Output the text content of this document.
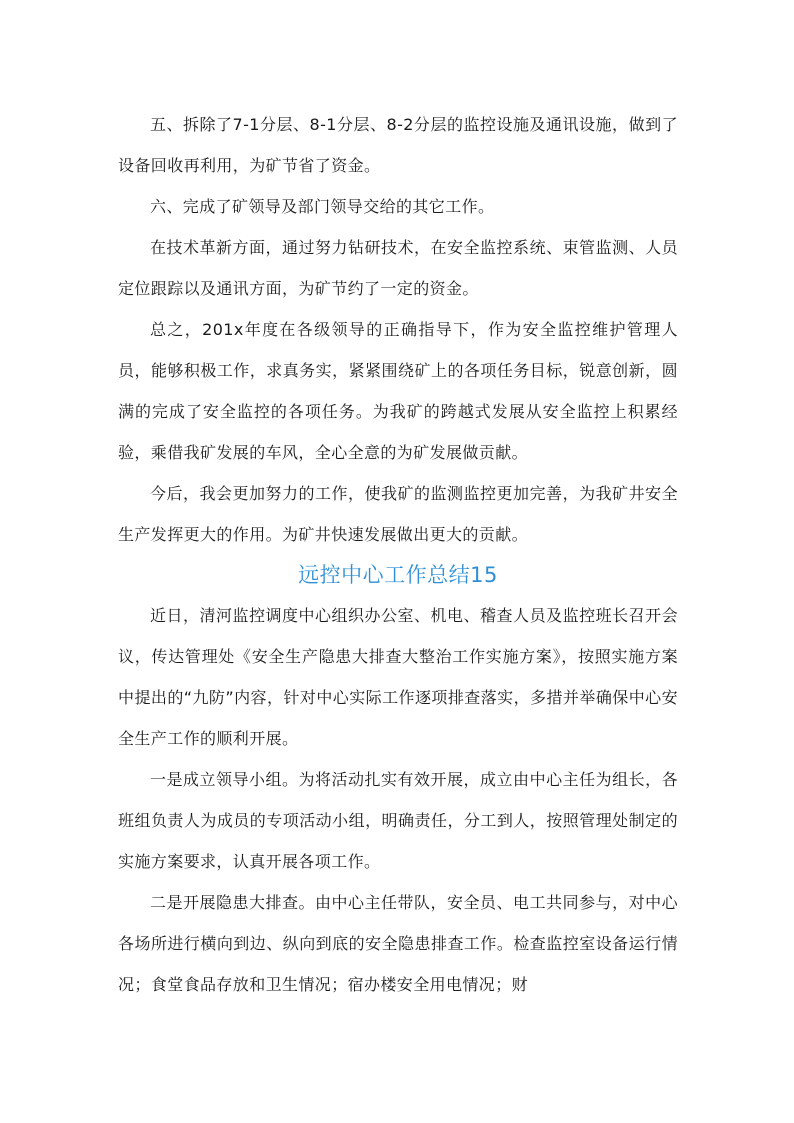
五、拆除了7-1分层、8-1分层、8-2分层的监控设施及通讯设施，做到了设备回收再利用，为矿节省了资金。

六、完成了矿领导及部门领导交给的其它工作。

在技术革新方面，通过努力钻研技术，在安全监控系统、束管监测、人员定位跟踪以及通讯方面，为矿节约了一定的资金。

总之，201x年度在各级领导的正确指导下，作为安全监控维护管理人员，能够积极工作，求真务实，紧紧围绕矿上的各项任务目标，锐意创新，圆满的完成了安全监控的各项任务。为我矿的跨越式发展从安全监控上积累经验，乘借我矿发展的车风，全心全意的为矿发展做贡献。

今后，我会更加努力的工作，使我矿的监测监控更加完善，为我矿井安全生产发挥更大的作用。为矿井快速发展做出更大的贡献。

远控中心工作总结15

近日，清河监控调度中心组织办公室、机电、稽查人员及监控班长召开会议，传达管理处《安全生产隐患大排查大整治工作实施方案》，按照实施方案中提出的“九防”内容，针对中心实际工作逐项排查落实，多措并举确保中心安全生产工作的顺利开展。

一是成立领导小组。为将活动扎实有效开展，成立由中心主任为组长，各班组负责人为成员的专项活动小组，明确责任，分工到人，按照管理处制定的实施方案要求，认真开展各项工作。

二是开展隐患大排查。由中心主任带队，安全员、电工共同参与，对中心各场所进行横向到边、纵向到底的安全隐患排查工作。检查监控室设备运行情况；食堂食品存放和卫生情况；宿办楼安全用电情况；财
